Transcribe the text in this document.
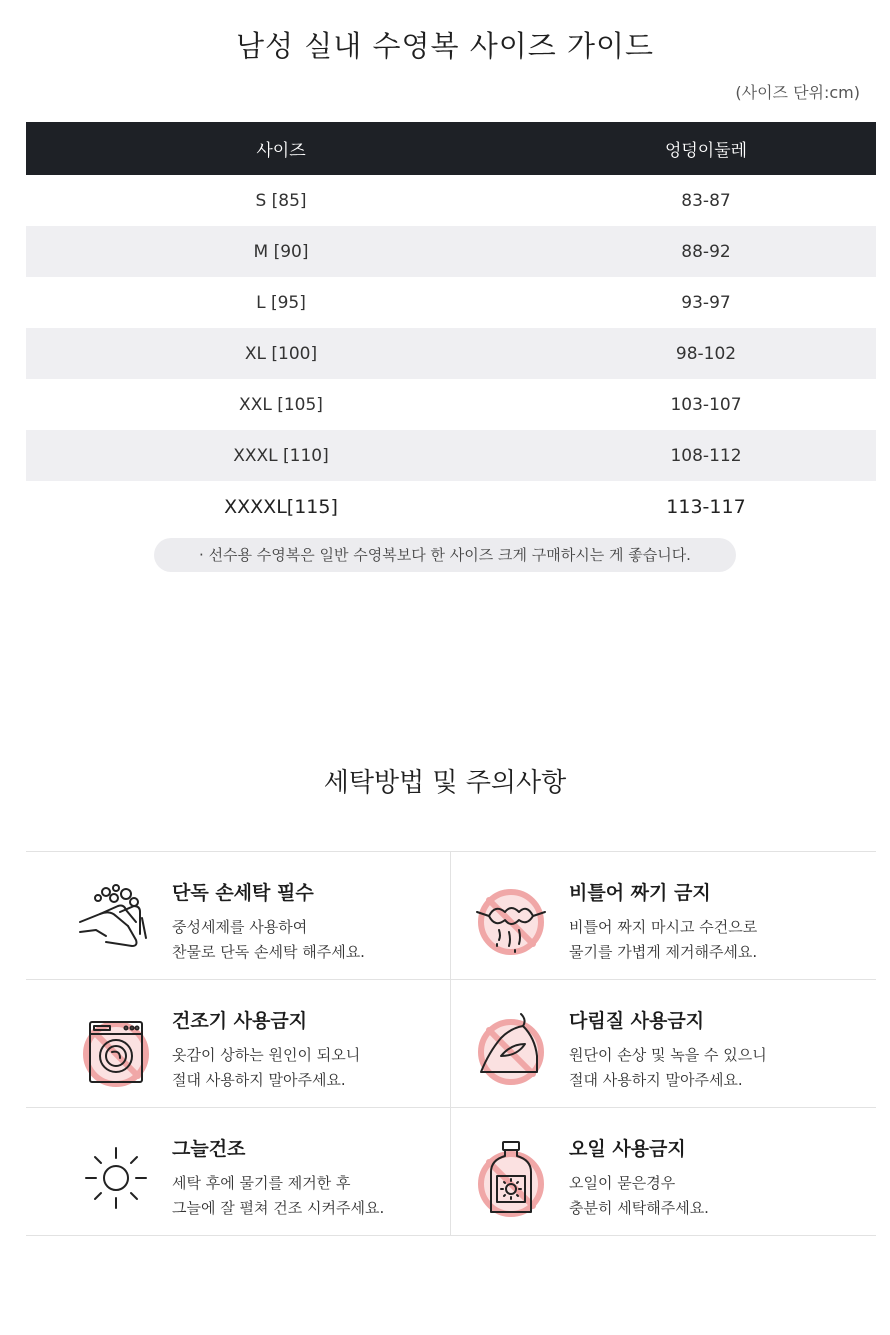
남성 실내 수영복 사이즈 가이드
(사이즈 단위:cm)
사이즈	엉덩이둘레
S [85]	83-87
M [90]	88-92
L [95]	93-97
XL [100]	98-102
XXL [105]	103-107
XXXL [110]	108-112
XXXXL[115]	113-117
· 선수용 수영복은 일반 수영복보다 한 사이즈 크게 구매하시는 게 좋습니다.
세탁방법 및 주의사항
단독 손세탁 필수
중성세제를 사용하여
찬물로 단독 손세탁 해주세요.
비틀어 짜기 금지
비틀어 짜지 마시고 수건으로
물기를 가볍게 제거해주세요.
건조기 사용금지
옷감이 상하는 원인이 되오니
절대 사용하지 말아주세요.
다림질 사용금지
원단이 손상 및 녹을 수 있으니
절대 사용하지 말아주세요.
그늘건조
세탁 후에 물기를 제거한 후
그늘에 잘 펼쳐 건조 시켜주세요.
오일 사용금지
오일이 묻은경우
충분히 세탁해주세요.
